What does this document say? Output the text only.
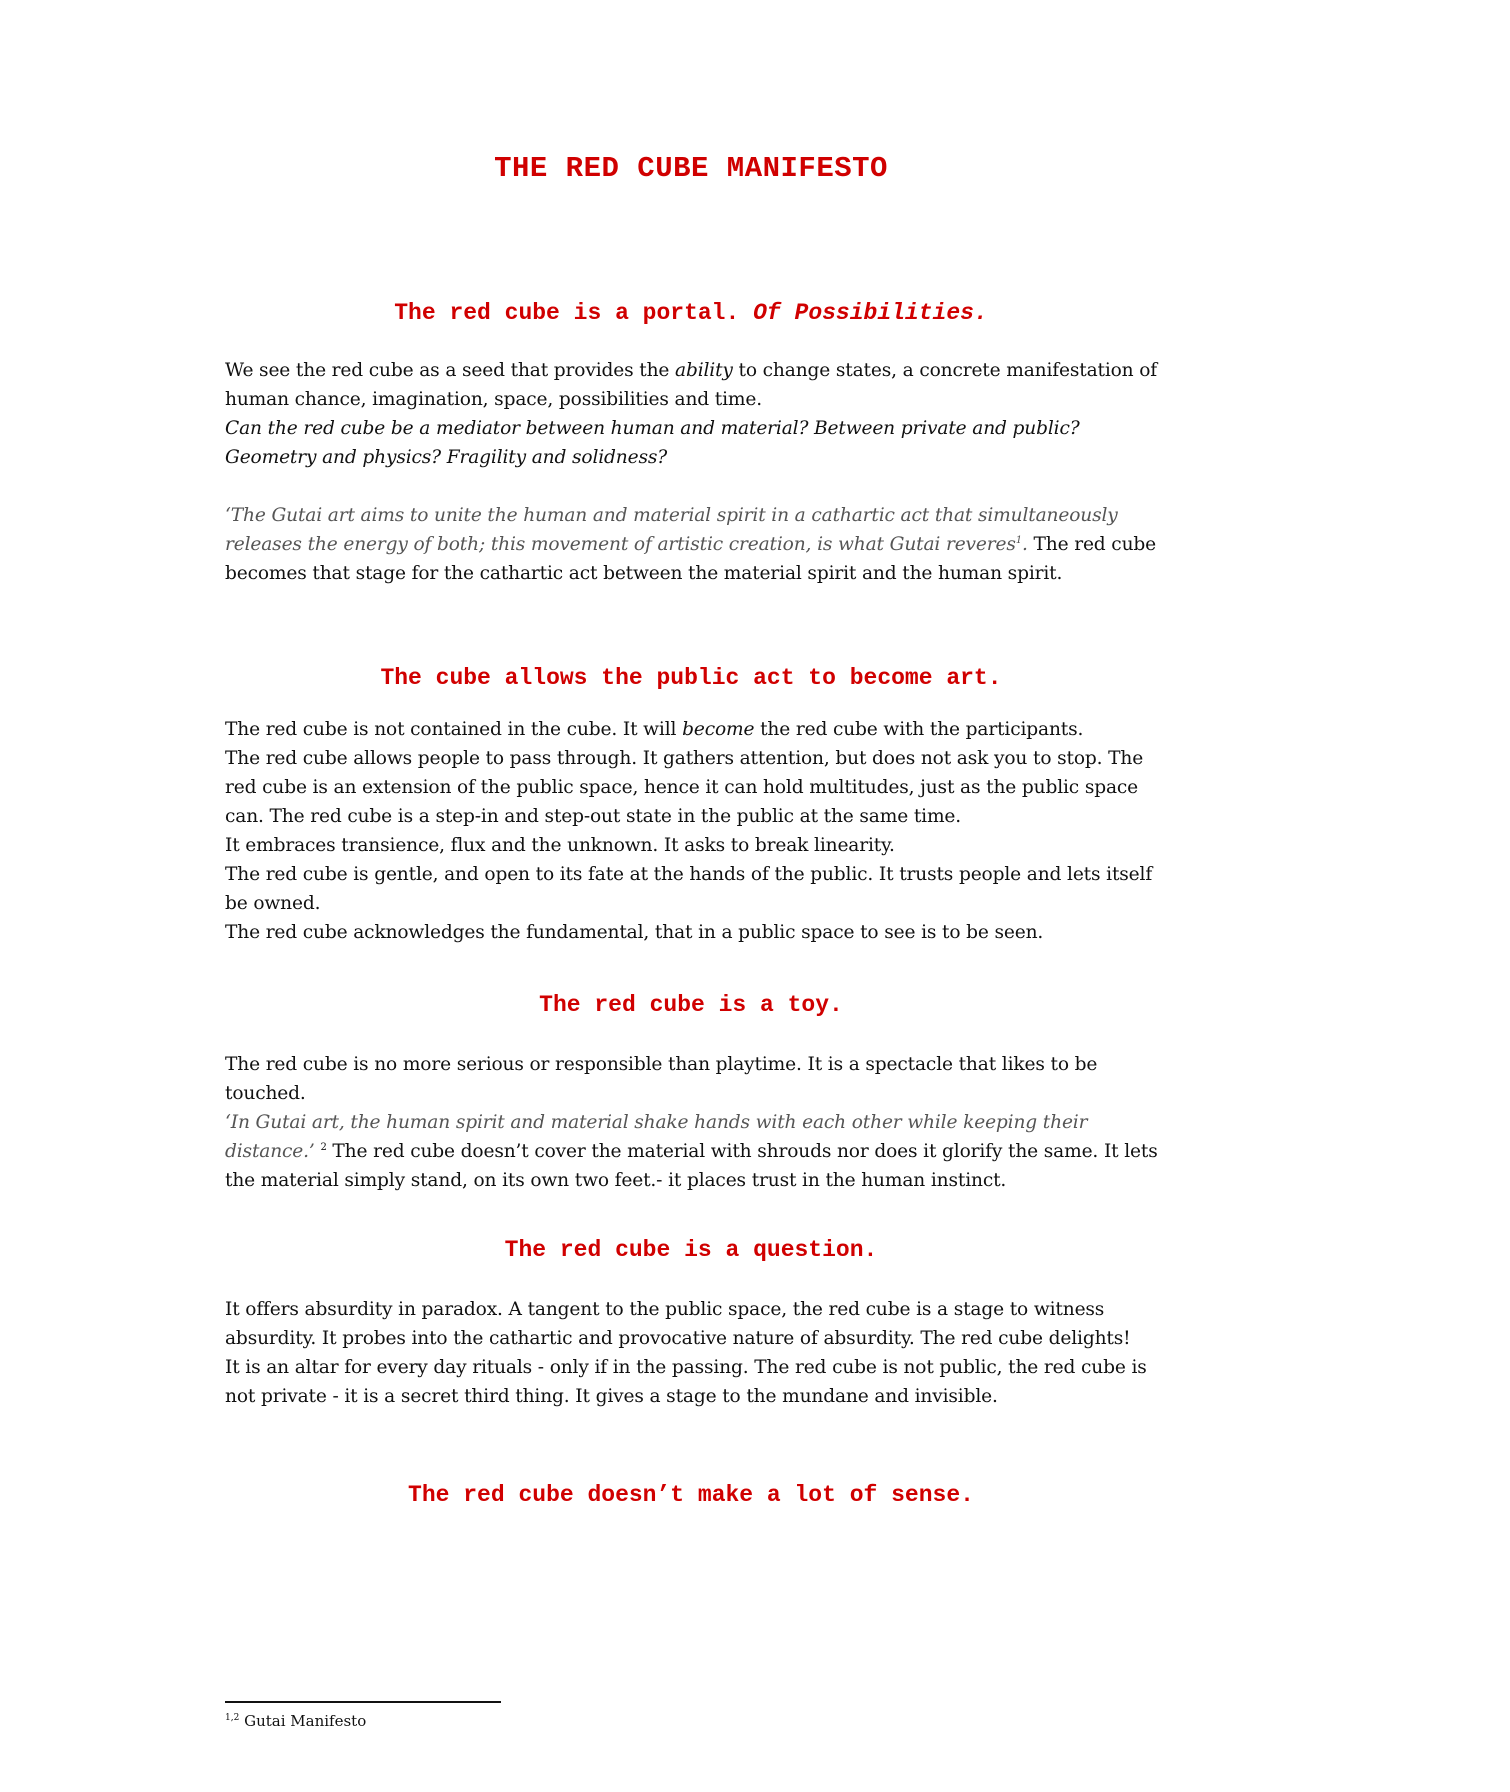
THE RED CUBE MANIFESTO
The red cube is a portal. Of Possibilities.

We see the red cube as a seed that provides the ability to change states, a concrete manifestation of human chance, imagination, space, possibilities and time.

Can the red cube be a mediator between human and material? Between private and public? Geometry and physics? Fragility and solidness?

‘The Gutai art aims to unite the human and material spirit in a cathartic act that simultaneously releases the energy of both; this movement of artistic creation, is what Gutai reveres$^1$. The red cube becomes that stage for the cathartic act between the material spirit and the human spirit.

The cube allows the public act to become art.

The red cube is not contained in the cube. It will become the red cube with the participants.

The red cube allows people to pass through. It gathers attention, but does not ask you to stop. The red cube is an extension of the public space, hence it can hold multitudes, just as the public space can. The red cube is a step-in and step-out state in the public at the same time.

It embraces transience, flux and the unknown. It asks to break linearity.

The red cube is gentle, and open to its fate at the hands of the public. It trusts people and lets itself be owned.

The red cube acknowledges the fundamental, that in a public space to see is to be seen.

The red cube is a toy.

The red cube is no more serious or responsible than playtime. It is a spectacle that likes to be touched.

‘In Gutai art, the human spirit and material shake hands with each other while keeping their distance.’ $^2$ The red cube doesn’t cover the material with shrouds nor does it glorify the same. It lets the material simply stand, on its own two feet.- it places trust in the human instinct.

The red cube is a question.

It offers absurdity in paradox. A tangent to the public space, the red cube is a stage to witness absurdity. It probes into the cathartic and provocative nature of absurdity. The red cube delights!

It is an altar for every day rituals - only if in the passing. The red cube is not public, the red cube is not private - it is a secret third thing. It gives a stage to the mundane and invisible.

The red cube doesn’t make a lot of sense.

$^{1,2}$ Gutai Manifesto
